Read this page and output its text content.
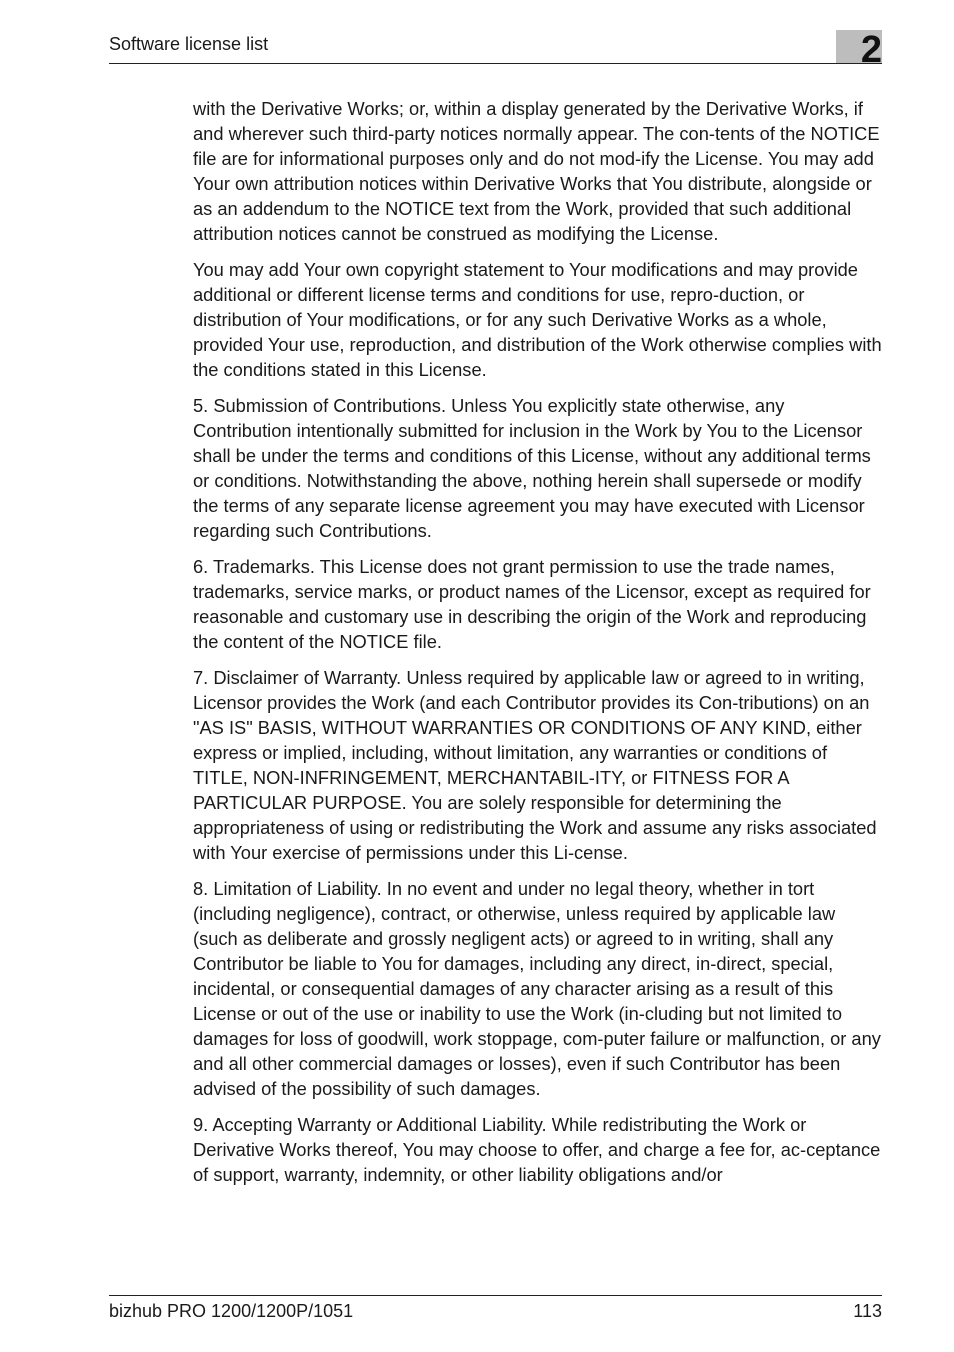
Software license list	2

with the Derivative Works; or, within a display generated by the Derivative Works, if and wherever such third-party notices normally appear. The con-​tents of the NOTICE file are for informational purposes only and do not mod-​ify the License. You may add Your own attribution notices within Derivative Works that You distribute, alongside or as an addendum to the NOTICE text from the Work, provided that such additional attribution notices cannot be construed as modifying the License.

You may add Your own copyright statement to Your modifications and may provide additional or different license terms and conditions for use, repro-​duction, or distribution of Your modifications, or for any such Derivative Works as a whole, provided Your use, reproduction, and distribution of the Work otherwise complies with the conditions stated in this License.

5. Submission of Contributions. Unless You explicitly state otherwise, any Contribution intentionally submitted for inclusion in the Work by You to the Licensor shall be under the terms and conditions of this License, without any additional terms or conditions. Notwithstanding the above, nothing herein shall supersede or modify the terms of any separate license agreement you may have executed with Licensor regarding such Contributions.

6. Trademarks. This License does not grant permission to use the trade names, trademarks, service marks, or product names of the Licensor, except as required for reasonable and customary use in describing the origin of the Work and reproducing the content of the NOTICE file.

7. Disclaimer of Warranty. Unless required by applicable law or agreed to in writing, Licensor provides the Work (and each Contributor provides its Con-​tributions) on an "AS IS" BASIS, WITHOUT WARRANTIES OR CONDITIONS OF ANY KIND, either express or implied, including, without limitation, any warranties or conditions of TITLE, NON-INFRINGEMENT, MERCHANTABIL-​ITY, or FITNESS FOR A PARTICULAR PURPOSE. You are solely responsible for determining the appropriateness of using or redistributing the Work and assume any risks associated with Your exercise of permissions under this Li-​cense.

8. Limitation of Liability. In no event and under no legal theory, whether in tort (including negligence), contract, or otherwise, unless required by applicable law (such as deliberate and grossly negligent acts) or agreed to in writing, shall any Contributor be liable to You for damages, including any direct, in-​direct, special, incidental, or consequential damages of any character arising as a result of this License or out of the use or inability to use the Work (in-​cluding but not limited to damages for loss of goodwill, work stoppage, com-​puter failure or malfunction, or any and all other commercial damages or losses), even if such Contributor has been advised of the possibility of such damages.

9. Accepting Warranty or Additional Liability. While redistributing the Work or Derivative Works thereof, You may choose to offer, and charge a fee for, ac-​ceptance of support, warranty, indemnity, or other liability obligations and/or

bizhub PRO 1200/1200P/1051	113
